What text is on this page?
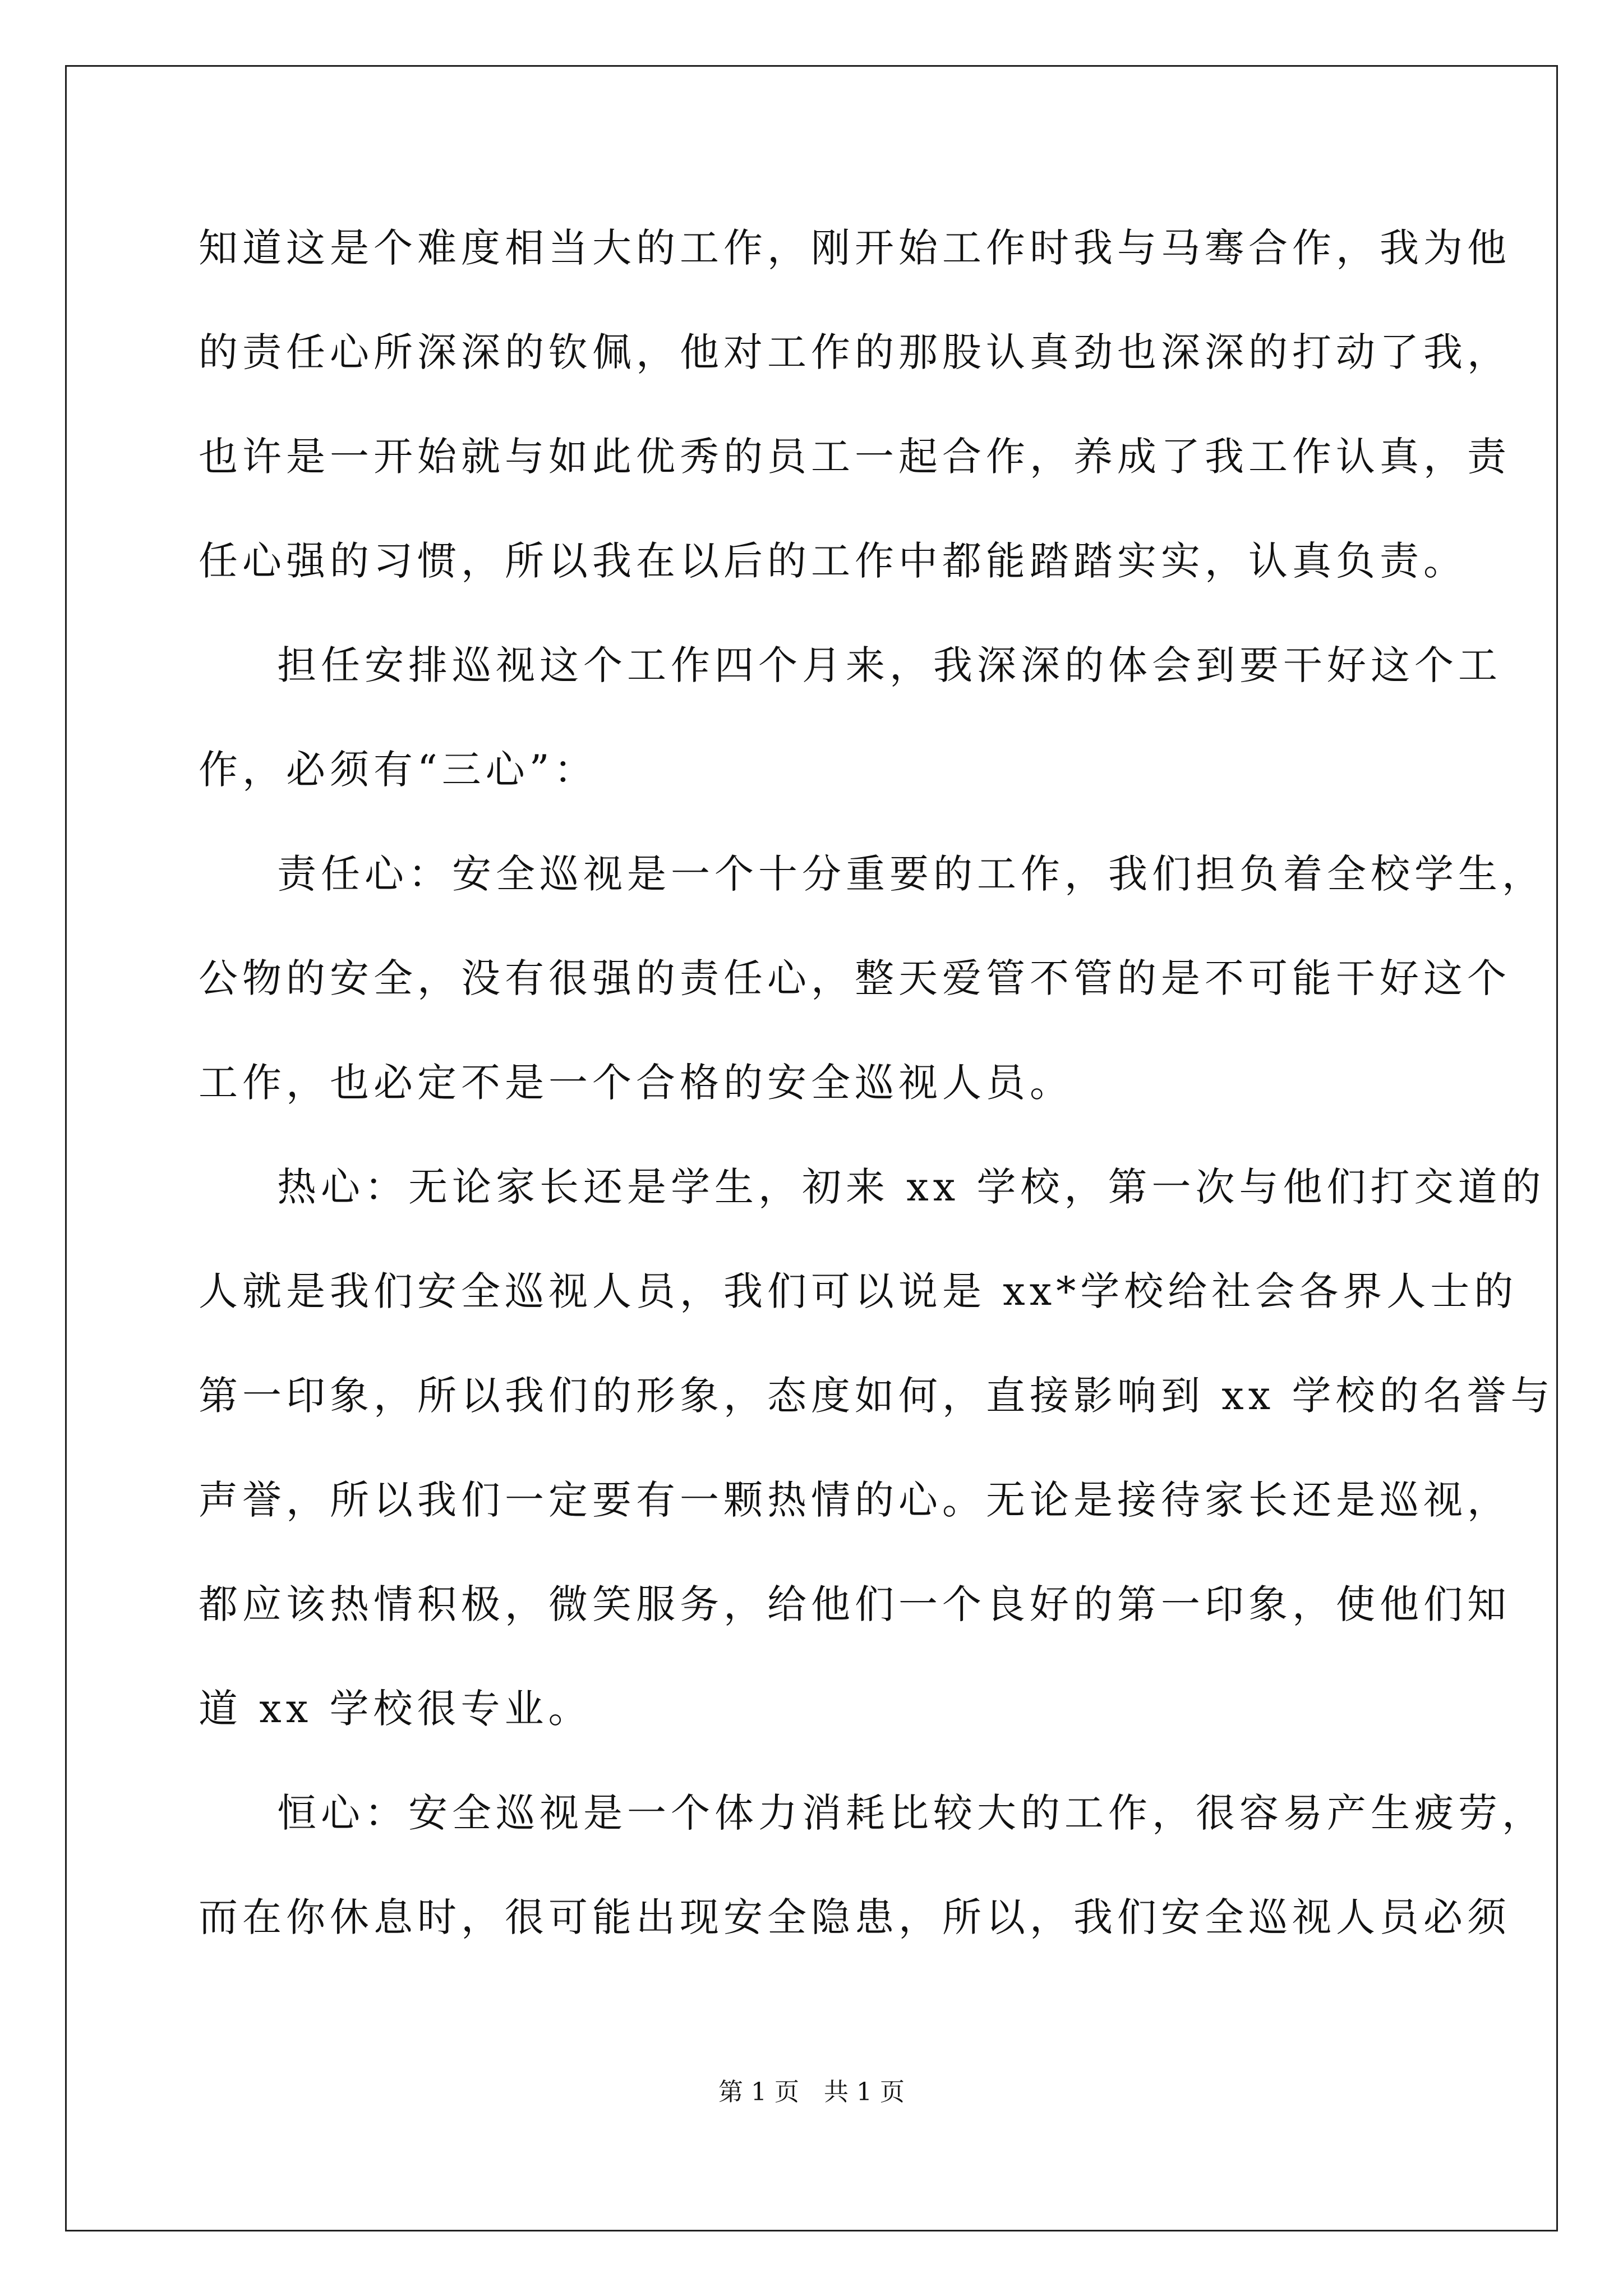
知道这是个难度相当大的工作，刚开始工作时我与马骞合作，我为他
的责任心所深深的钦佩，他对工作的那股认真劲也深深的打动了我，
也许是一开始就与如此优秀的员工一起合作，养成了我工作认真，责
任心强的习惯，所以我在以后的工作中都能踏踏实实，认真负责。
担任安排巡视这个工作四个月来，我深深的体会到要干好这个工
作，必须有“三心”：
责任心：安全巡视是一个十分重要的工作，我们担负着全校学生，
公物的安全，没有很强的责任心，整天爱管不管的是不可能干好这个
工作，也必定不是一个合格的安全巡视人员。
热心：无论家长还是学生，初来 xx 学校，第一次与他们打交道的
人就是我们安全巡视人员，我们可以说是 xx*学校给社会各界人士的
第一印象，所以我们的形象，态度如何，直接影响到 xx 学校的名誉与
声誉，所以我们一定要有一颗热情的心。无论是接待家长还是巡视，
都应该热情积极，微笑服务，给他们一个良好的第一印象，使他们知
道 xx 学校很专业。
恒心：安全巡视是一个体力消耗比较大的工作，很容易产生疲劳，
而在你休息时，很可能出现安全隐患，所以，我们安全巡视人员必须
第 1 页　共 1 页
